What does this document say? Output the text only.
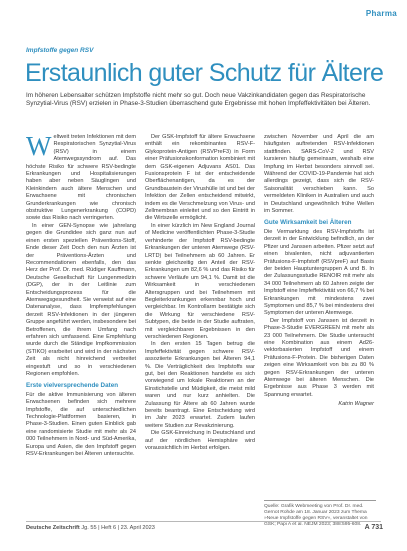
Pharma
Impfstoffe gegen RSV
Erstaunlich guter Schutz für Ältere
Im höheren Lebensalter schützen Impfstoffe nicht mehr so gut. Doch neue Vakzinkandidaten gegen das Respiratorische Synzytial-Virus (RSV) erzielen in Phase-3-Studien überraschend gute Ergebnisse mit hohen Impfeffektivitäten bei Älteren.

Weltweit treten Infektionen mit dem Respiratorischen Synzytial-Virus (RSV) in einem Atemwegssyndrom auf. Das höchste Risiko für schwere RSV-bedingte Erkrankungen und Hospitalisierungen haben aber neben Säuglingen und Kleinkindern auch ältere Menschen und Erwachsene mit chronischen Grunderkrankungen wie chronisch obstruktive Lungenerkrankung (COPD) sowie das Risiko nach verringerten.

In einer GEN-Synopse wie jahrelang gegen die Grundidee sich ganz nun auf einen ersten speziellen Präventions-Stoff, Ende dieser Zeit Doch den nun Ärzten ist der Präventions-Ärzten und Recommendationen ebenfalls, den das Herz der Prof. Dr. med. Rüdiger Kauffmann, Deutsche Gesellschaft für Lungenmedizin (DGP), der in der Leitlinie zum Entscheidungsprozess für die Atemwegsgesundheit. Sie verweist auf eine Datenanalyse, dass Impfempfehlungen derzeit RSV-Infektionen in der jüngeren Gruppe angeführt werden, insbesondere bei Betroffenen, die ihrem Umfang nach erfahren sich umfassend. Eine Empfehlung wurde durch die Ständige Impfkommission (STIKO) erarbeitet und wird in der nächsten Zeit als nicht hinreichend verbreitet eingestuft und so in verschiedenen Regionen empfohlen.

Erste vielversprechende Daten

Für die aktive Immunisierung von älteren Erwachsenen befinden sich mehrere Impfstoffe, die auf unterschiedlichen Technologie-Plattformen basieren, in Phase-3-Studien. Einen guten Einblick gab eine randomisierte Studie mit mehr als 24 000 Teilnehmern in Nord- und Süd-Amerika, Europa und Asien, die den Impfstoff gegen RSV-Erkrankungen bei Älteren untersuchte.

Der GSK-Impfstoff für ältere Erwachsene enthält ein rekombinantes RSV-F-Glykoprotein-Antigen (RSVPreF3) in Form einer Präfusionskonformation kombiniert mit dem GSK-eigenen Adjuvans AS01. Das Fusionsprotein F ist der entscheidende Oberflächenantigen, da es der Grundbaustein der Virushülle ist und bei der Infektion der Zellen entscheidend mitwirkt, indem es die Verschmelzung von Virus- und Zellmembran einleitet und so den Eintritt in die Wirtszelle ermöglicht.

In einer kürzlich im New England Journal of Medicine veröffentlichten Phase-3-Studie verhinderte der Impfstoff RSV-bedingte Erkrankungen der unteren Atemwege (RSV-LRTD) bei Teilnehmern ab 60 Jahren. Er senkte gleichzeitig den Anteil der RSV-Erkrankungen um 82,6 % und das Risiko für schwere Verläufe um 94,1 %. Damit ist die Wirksamkeit in verschiedenen Altersgruppen und bei Teilnehmern mit Begleiterkrankungen erkennbar hoch und vergleichbar. Im Kontrollarm bestätigte sich die Wirkung für verschiedene RSV-Subtypen, die beide in der Studie auftraten, mit vergleichbaren Ergebnissen in den verschiedenen Regionen.

In den ersten 15 Tagen betrug die Impfeffektivität gegen schwere RSV-assoziierte Erkrankungen bei Älteren 94,1 %. Die Verträglichkeit des Impfstoffs war gut, bei den Reaktionen handelte es sich vorwiegend um lokale Reaktionen an der Einstichstelle und Müdigkeit, die meist mild waren und nur kurz anhielten. Die Zulassung für Ältere ab 60 Jahren wurde bereits beantragt. Eine Entscheidung wird im Jahr 2023 erwartet. Zudem laufen weitere Studien zur Revakzinierung.

Die GSK-Einreichung in Deutschland und auf der nördlichen Hemisphäre wird voraussichtlich im Herbst erfolgen.

zwischen November und April die am häufigsten auftretenden RSV-Infektionen stattfinden. SARS-CoV-2 und RSV kursieren häufig gemeinsam, weshalb eine Impfung im Herbst besonders sinnvoll sei. Während der COVID-19-Pandemie hat sich allerdings gezeigt, dass sich die RSV-Saisonalität verschieben kann. So vermeldeten Kliniken in Australien und auch in Deutschland ungewöhnlich frühe Wellen im Sommer.

Gute Wirksamkeit bei Älteren

Die Vermarktung des RSV-Impfstoffs ist derzeit in der Entwicklung befindlich, an der Pfizer und Janssen arbeiten. Pfizer setzt auf einen bivalenten, nicht adjuvantierten Präfusions-F-Impfstoff (RSVpreF) auf Basis der beiden Hauptuntergruppen A und B. In der Zulassungsstudie RENOIR mit mehr als 34 000 Teilnehmern ab 60 Jahren zeigte der Impfstoff eine Impfeffektivität von 66,7 % bei Erkrankungen mit mindestens zwei Symptomen und 85,7 % bei mindestens drei Symptomen der unteren Atemwege.

Der Impfstoff von Janssen ist derzeit in Phase-3-Studie EVERGREEN mit mehr als 23 000 Teilnehmern. Die Studie untersucht eine Kombination aus einem Ad26-vektorbasierten Impfstoff und einem Präfusions-F-Protein. Die bisherigen Daten zeigen eine Wirksamkeit von bis zu 80 % gegen RSV-Erkrankungen der unteren Atemwege bei älteren Menschen. Die Ergebnisse aus Phase 3 werden mit Spannung erwartet.

Katrin Wagner
Quelle: Grafik Webmeeting von Prof. Dr. med. Gernot Rohde am 18. Januar 2023 zum Thema »Neue Impfstoffe gegen RSV«, veranstaltet von GSK; Papi A et al. NEJM 2023; 388:595-608.
Deutsche Zeitschrift Jg. 55 | Heft 6 | 23. April 2023	A 731
